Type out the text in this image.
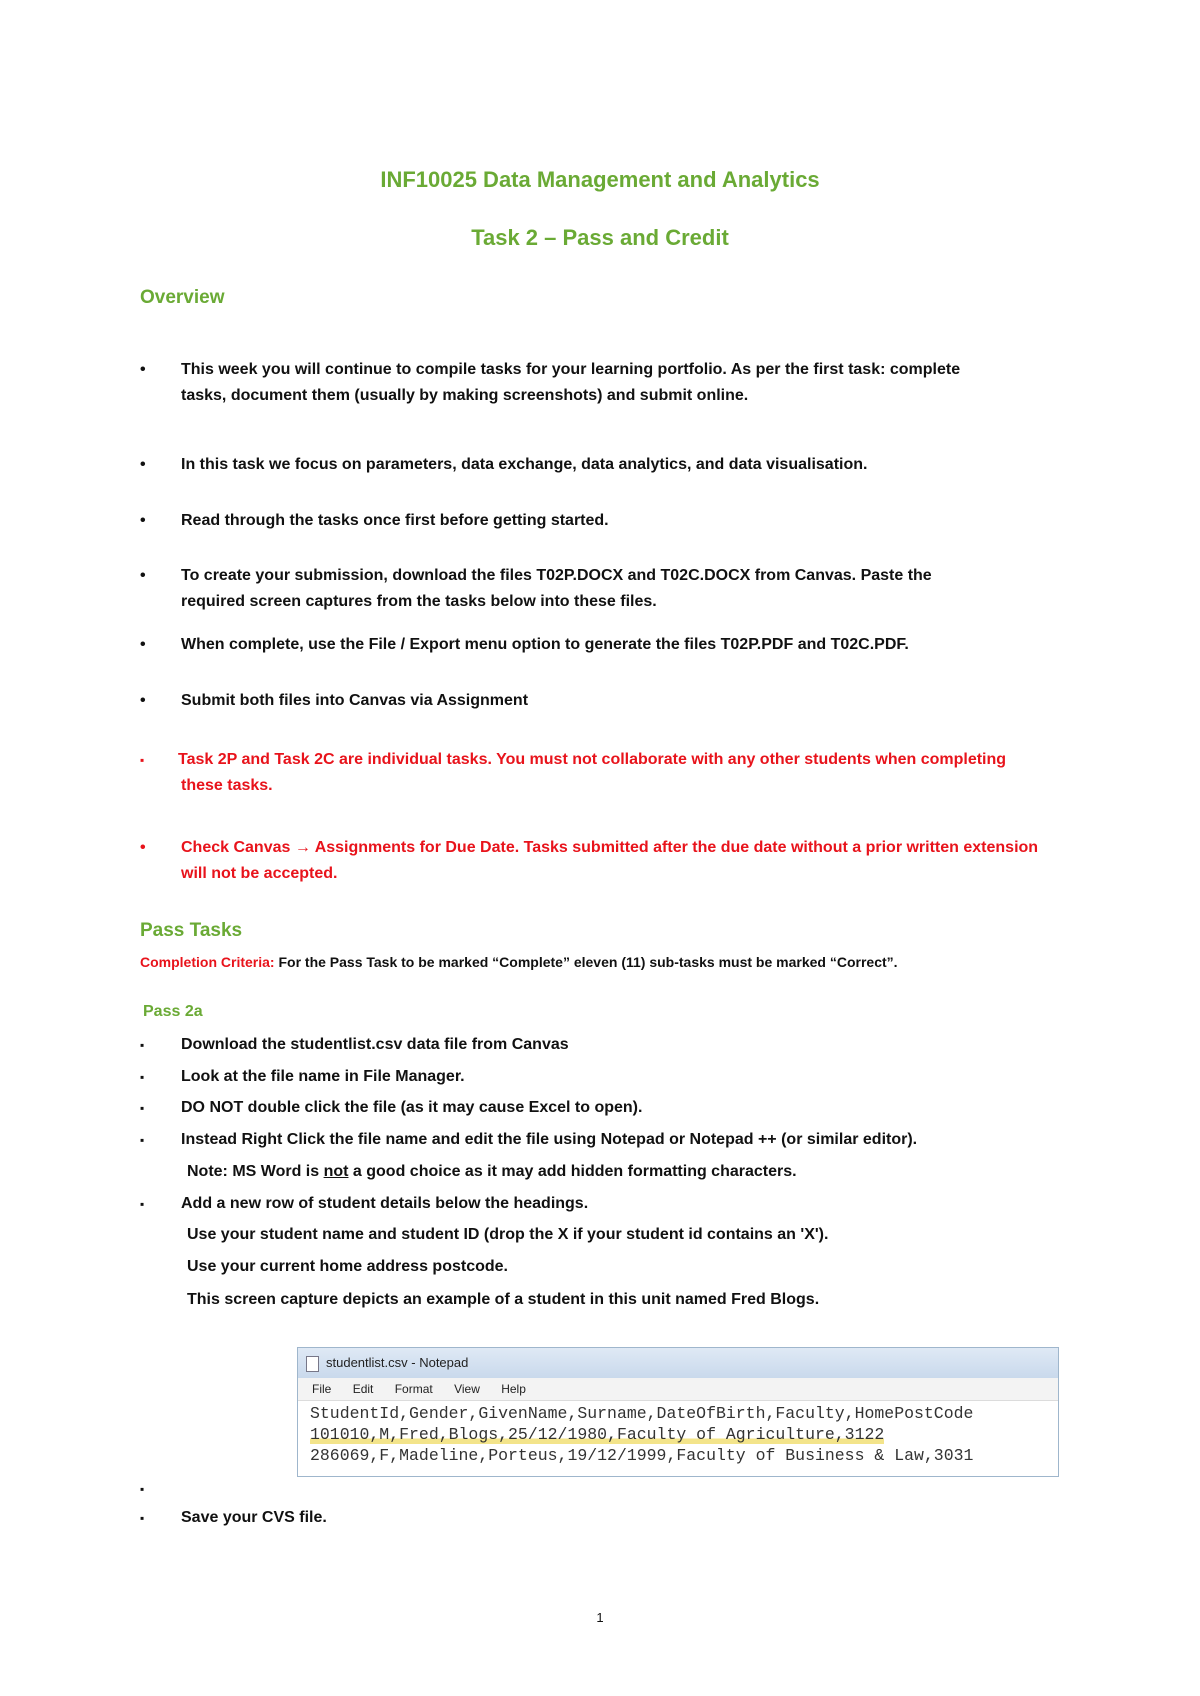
INF10025 Data Management and Analytics
Task 2 – Pass and Credit
Overview
•	This week you will continue to compile tasks for your learning portfolio. As per the first task: complete
tasks, document them (usually by making screenshots) and submit online.
•	In this task we focus on parameters, data exchange, data analytics, and data visualisation.
•	Read through the tasks once first before getting started.
•	To create your submission, download the files T02P.DOCX and T02C.DOCX from Canvas. Paste the
required screen captures from the tasks below into these files.
•	When complete, use the File / Export menu option to generate the files T02P.PDF and T02C.PDF.
•	Submit both files into Canvas via Assignment
▪	Task 2P and Task 2C are individual tasks. You must not collaborate with any other students when completing
these tasks.
•	Check Canvas → Assignments for Due Date. Tasks submitted after the due date without a prior written extension
will not be accepted.
Pass Tasks
Completion Criteria: For the Pass Task to be marked “Complete” eleven (11) sub-tasks must be marked “Correct”.
Pass 2a
▪	Download the studentlist.csv data file from Canvas
▪	Look at the file name in File Manager.
▪	DO NOT double click the file (as it may cause Excel to open).
▪	Instead Right Click the file name and edit the file using Notepad or Notepad ++ (or similar editor).
Note: MS Word is not a good choice as it may add hidden formatting characters.
▪	Add a new row of student details below the headings.
Use your student name and student ID (drop the X if your student id contains an 'X').
Use your current home address postcode.
This screen capture depicts an example of a student in this unit named Fred Blogs.
studentlist.csv - Notepad
File Edit Format View Help
StudentId,Gender,GivenName,Surname,DateOfBirth,Faculty,HomePostCode
101010,M,Fred,Blogs,25/12/1980,Faculty of Agriculture,3122
286069,F,Madeline,Porteus,19/12/1999,Faculty of Business & Law,3031
▪
▪	Save your CVS file.
1
